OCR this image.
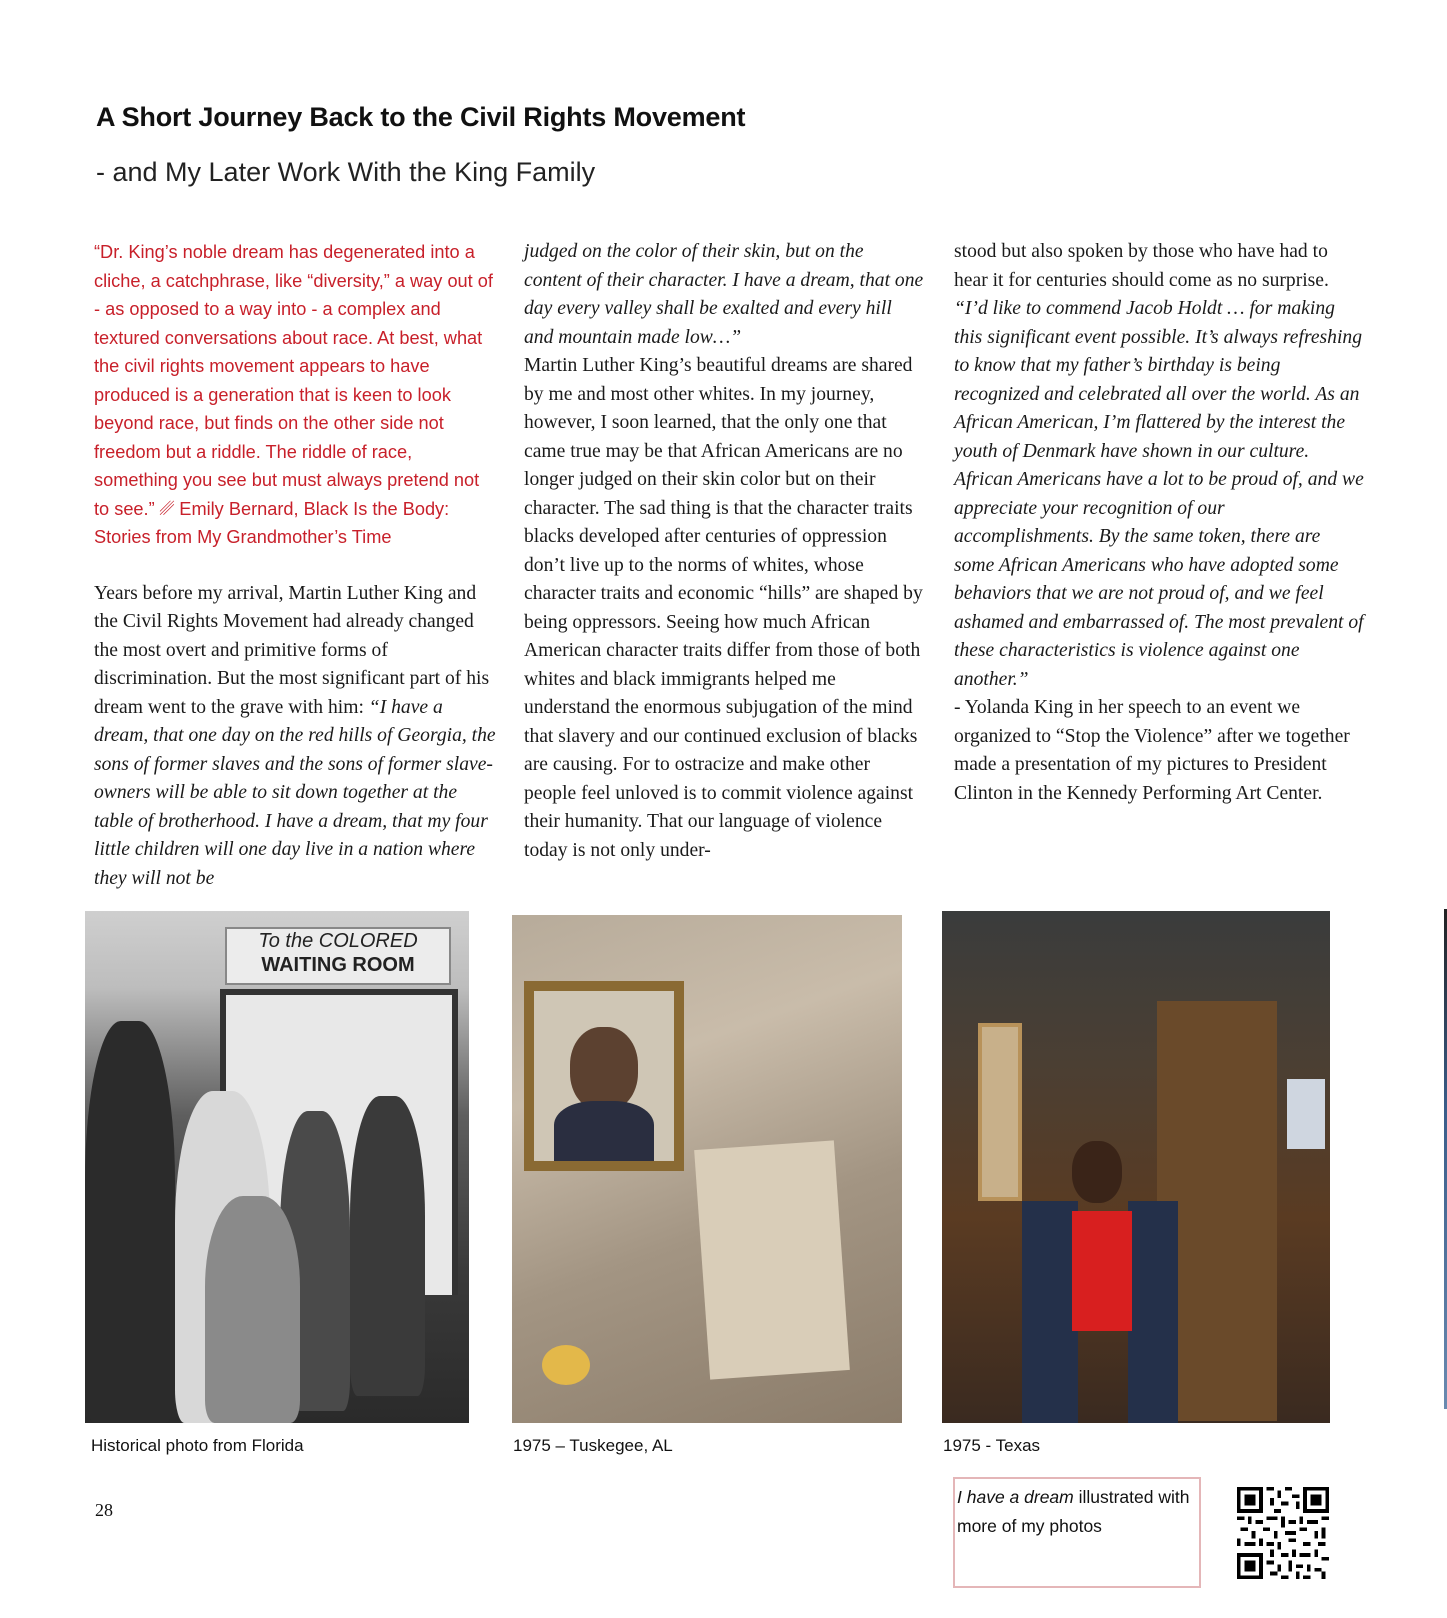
A Short Journey Back to the Civil Rights Movement
- and My Later Work With the King Family

“Dr. King’s noble dream has degenerated into a cliche, a catchphrase, like “diversity,” a way out of - as opposed to a way into - a complex and textured conversations about race. At best, what the civil rights movement appears to have produced is a generation that is keen to look beyond race, but finds on the other side not freedom but a riddle. The riddle of race, something you see but must always pretend not to see.” ␥ Emily Bernard, Black Is the Body: Stories from My Grandmother’s Time

Years before my arrival, Martin Luther King and the Civil Rights Movement had already changed the most overt and primitive forms of discrimination. But the most significant part of his dream went to the grave with him: “I have a dream, that one day on the red hills of Georgia, the sons of former slaves and the sons of former slave-owners will be able to sit down together at the table of brotherhood. I have a dream, that my four little children will one day live in a nation where they will not be

judged on the color of their skin, but on the content of their character. I have a dream, that one day every valley shall be exalted and every hill and mountain made low…”

Martin Luther King’s beautiful dreams are shared by me and most other whites. In my journey, however, I soon learned, that the only one that came true may be that African Americans are no longer judged on their skin color but on their character. The sad thing is that the character traits blacks developed after centuries of oppression don’t live up to the norms of whites, whose character traits and economic “hills” are shaped by being oppressors. Seeing how much African American character traits differ from those of both whites and black immigrants helped me understand the enormous subjugation of the mind that slavery and our continued exclusion of blacks are causing. For to ostracize and make other people feel unloved is to commit violence against their humanity. That our language of violence today is not only under-

stood but also spoken by those who have had to hear it for centuries should come as no surprise.

“I’d like to commend Jacob Holdt … for making this significant event possible. It’s always refreshing to know that my father’s birthday is being recognized and celebrated all over the world. As an African American, I’m flattered by the interest the youth of Denmark have shown in our culture. African Americans have a lot to be proud of, and we appreciate your recognition of our accomplishments. By the same token, there are some African Americans who have adopted some behaviors that we are not proud of, and we feel ashamed and embarrassed of. The most prevalent of these characteristics is violence against one another.”

- Yolanda King in her speech to an event we organized to “Stop the Violence” after we together made a presentation of my pictures to President Clinton in the Kennedy Performing Art Center.

To the COLORED
WAITING ROOM
Historical photo from Florida	1975 – Tuskegee, AL	1975 - Texas
28
I have a dream illustrated with more of my photos
